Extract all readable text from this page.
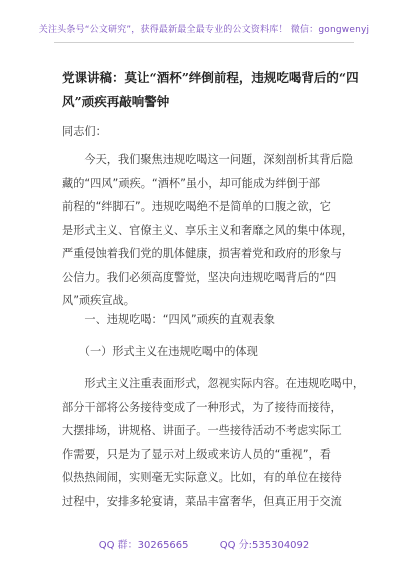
关注头条号“公文研究”，获得最新最全最专业的公文资料库！ 微信：gongwenyj
党课讲稿：莫让“酒杯”绊倒前程，违规吃喝背后的“四
风”顽疾再敲响警钟
同志们：
　　今天，我们聚焦违规吃喝这一问题，深刻剖析其背后隐
藏的“四风”顽疾。“酒杯”虽小，却可能成为绊倒于部
前程的“绊脚石”。违规吃喝绝不是简单的口腹之欲，它
是形式主义、官僚主义、享乐主义和奢靡之风的集中体现，
严重侵蚀着我们党的肌体健康，损害着党和政府的形象与
公信力。我们必须高度警觉，坚决向违规吃喝背后的“四
风”顽疾宣战。
　　一、违规吃喝：“四风”顽疾的直观表象
　　（一）形式主义在违规吃喝中的体现
　　形式主义注重表面形式，忽视实际内容。在违规吃喝中，
部分干部将公务接待变成了一种形式，为了接待而接待，
大摆排场，讲规格、讲面子。一些接待活动不考虑实际工
作需要，只是为了显示对上级或来访人员的“重视”，看
似热热闹闹，实则毫无实际意义。比如，有的单位在接待
过程中，安排多轮宴请，菜品丰富奢华，但真正用于交流
QQ 群：30265665	QQ 分:535304092
